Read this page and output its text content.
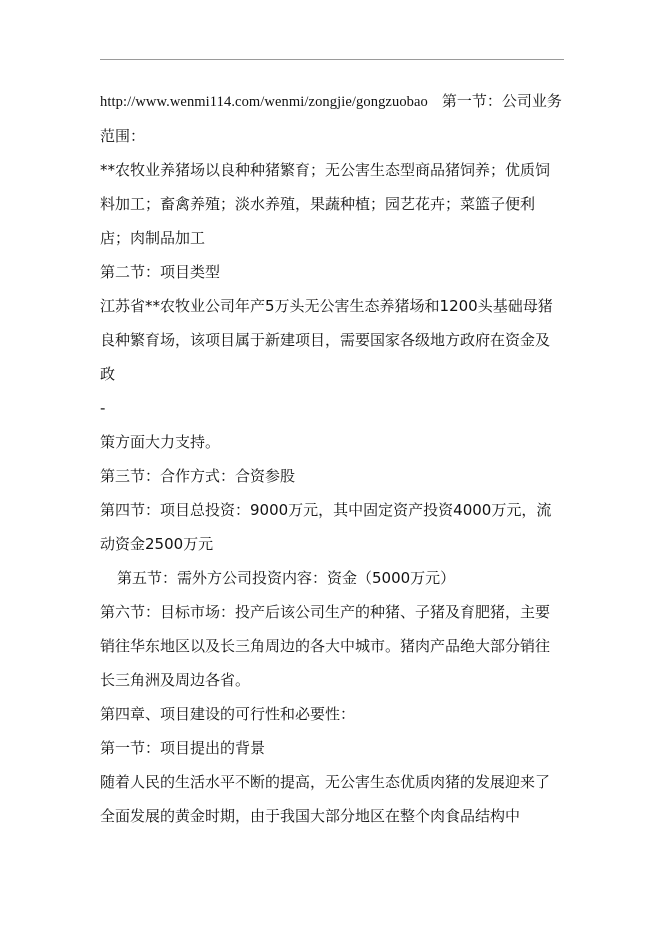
http://www.wenmi114.com/wenmi/zongjie/gongzuobao 第一节：公司业务范围：

**农牧业养猪场以良种种猪繁育；无公害生态型商品猪饲养；优质饲料加工；畜禽养殖；淡水养殖，果蔬种植；园艺花卉；菜篮子便利店；肉制品加工

第二节：项目类型

江苏省**农牧业公司年产5万头无公害生态养猪场和1200头基础母猪良种繁育场，该项目属于新建项目，需要国家各级地方政府在资金及政

-

策方面大力支持。

第三节：合作方式：合资参股

第四节：项目总投资：9000万元，其中固定资产投资4000万元，流动资金2500万元

第五节：需外方公司投资内容：资金（5000万元）

第六节：目标市场：投产后该公司生产的种猪、子猪及育肥猪，主要销往华东地区以及长三角周边的各大中城市。猪肉产品绝大部分销往长三角洲及周边各省。

第四章、项目建设的可行性和必要性：

第一节：项目提出的背景

随着人民的生活水平不断的提高，无公害生态优质肉猪的发展迎来了全面发展的黄金时期，由于我国大部分地区在整个肉食品结构中
